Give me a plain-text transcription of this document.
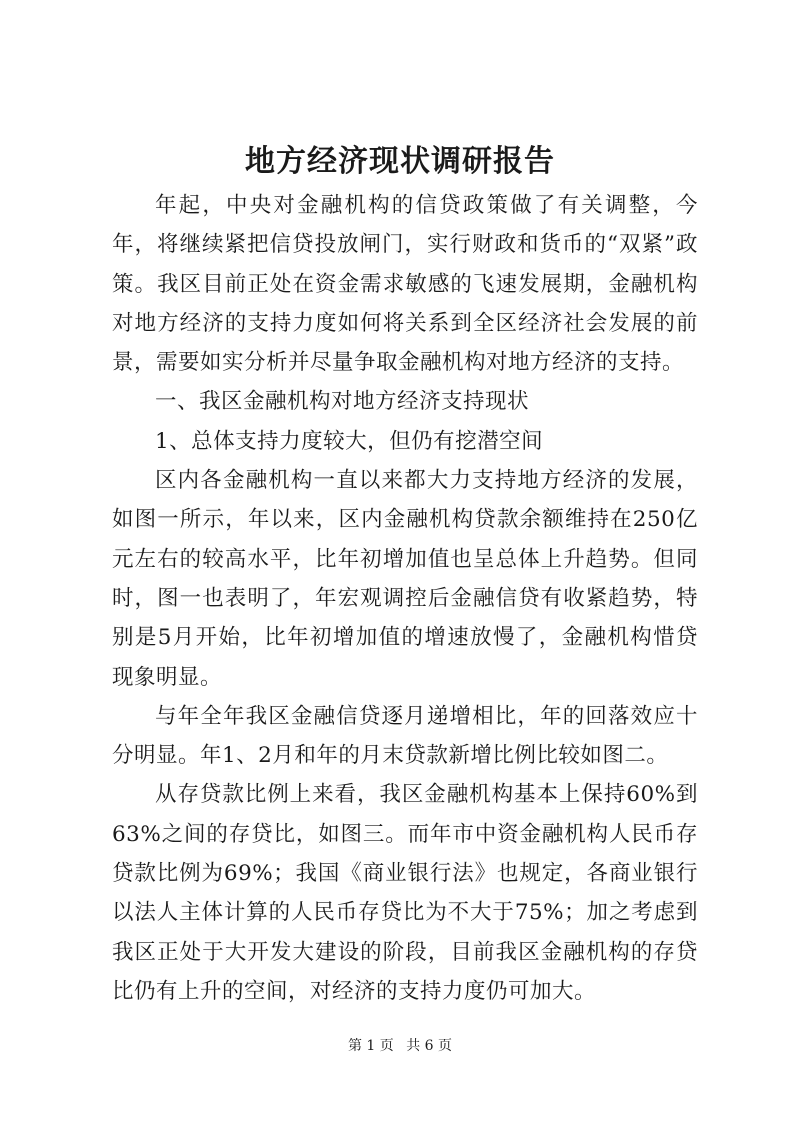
地方经济现状调研报告

年起，中央对金融机构的信贷政策做了有关调整，今年，将继续紧把信贷投放闸门，实行财政和货币的“双紧”政策。我区目前正处在资金需求敏感的飞速发展期，金融机构对地方经济的支持力度如何将关系到全区经济社会发展的前景，需要如实分析并尽量争取金融机构对地方经济的支持。

一、我区金融机构对地方经济支持现状

1、总体支持力度较大，但仍有挖潜空间

区内各金融机构一直以来都大力支持地方经济的发展，如图一所示，年以来，区内金融机构贷款余额维持在250亿元左右的较高水平，比年初增加值也呈总体上升趋势。但同时，图一也表明了，年宏观调控后金融信贷有收紧趋势，特别是5月开始，比年初增加值的增速放慢了，金融机构惜贷现象明显。

与年全年我区金融信贷逐月递增相比，年的回落效应十分明显。年1、2月和年的月末贷款新增比例比较如图二。

从存贷款比例上来看，我区金融机构基本上保持60%到63%之间的存贷比，如图三。而年市中资金融机构人民币存贷款比例为69%；我国《商业银行法》也规定，各商业银行以法人主体计算的人民币存贷比为不大于75%；加之考虑到我区正处于大开发大建设的阶段，目前我区金融机构的存贷比仍有上升的空间，对经济的支持力度仍可加大。

第 1 页 共 6 页
